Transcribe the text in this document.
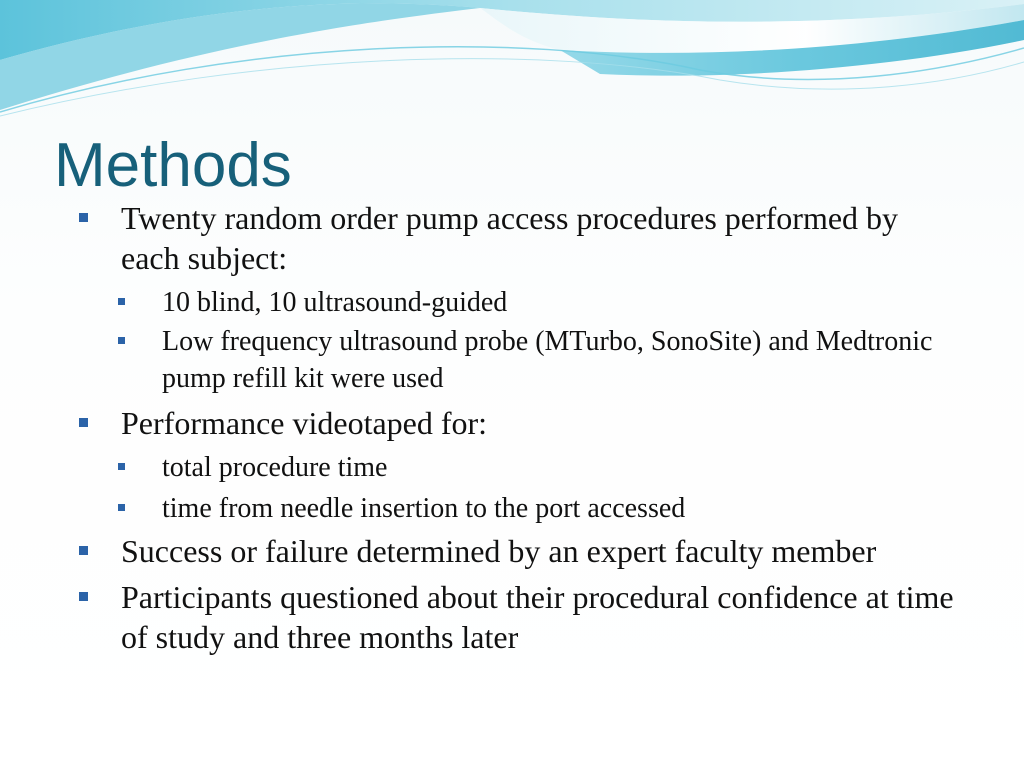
Methods
Twenty random order pump access procedures performed by each subject:
10 blind, 10 ultrasound-guided
Low frequency ultrasound probe (MTurbo, SonoSite) and Medtronic pump refill kit were used
Performance videotaped for:
total procedure time
time from needle insertion to the port accessed
Success or failure determined by an expert faculty member
Participants questioned about their procedural confidence at time of study and three months later
